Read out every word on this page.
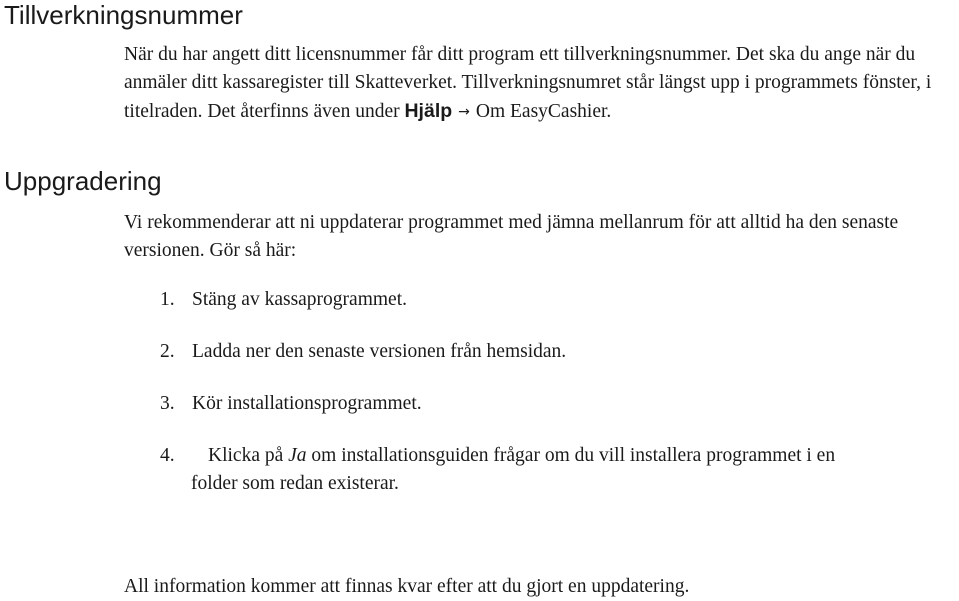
Tillverkningsnummer

När du har angett ditt licensnummer får ditt program ett tillverkningsnummer. Det ska du ange när du anmäler ditt kassaregister till Skatteverket. Tillverkningsnumret står längst upp i programmets fönster, i titelraden. Det återfinns även under Hjälp → Om EasyCashier.

Uppgradering

Vi rekommenderar att ni uppdaterar programmet med jämna mellanrum för att alltid ha den senaste versionen. Gör så här:

1. Stäng av kassaprogrammet.
2. Ladda ner den senaste versionen från hemsidan.
3. Kör installationsprogrammet.
4. Klicka på Ja om installationsguiden frågar om du vill installera programmet i en
folder som redan existerar.

All information kommer att finnas kvar efter att du gjort en uppdatering.
